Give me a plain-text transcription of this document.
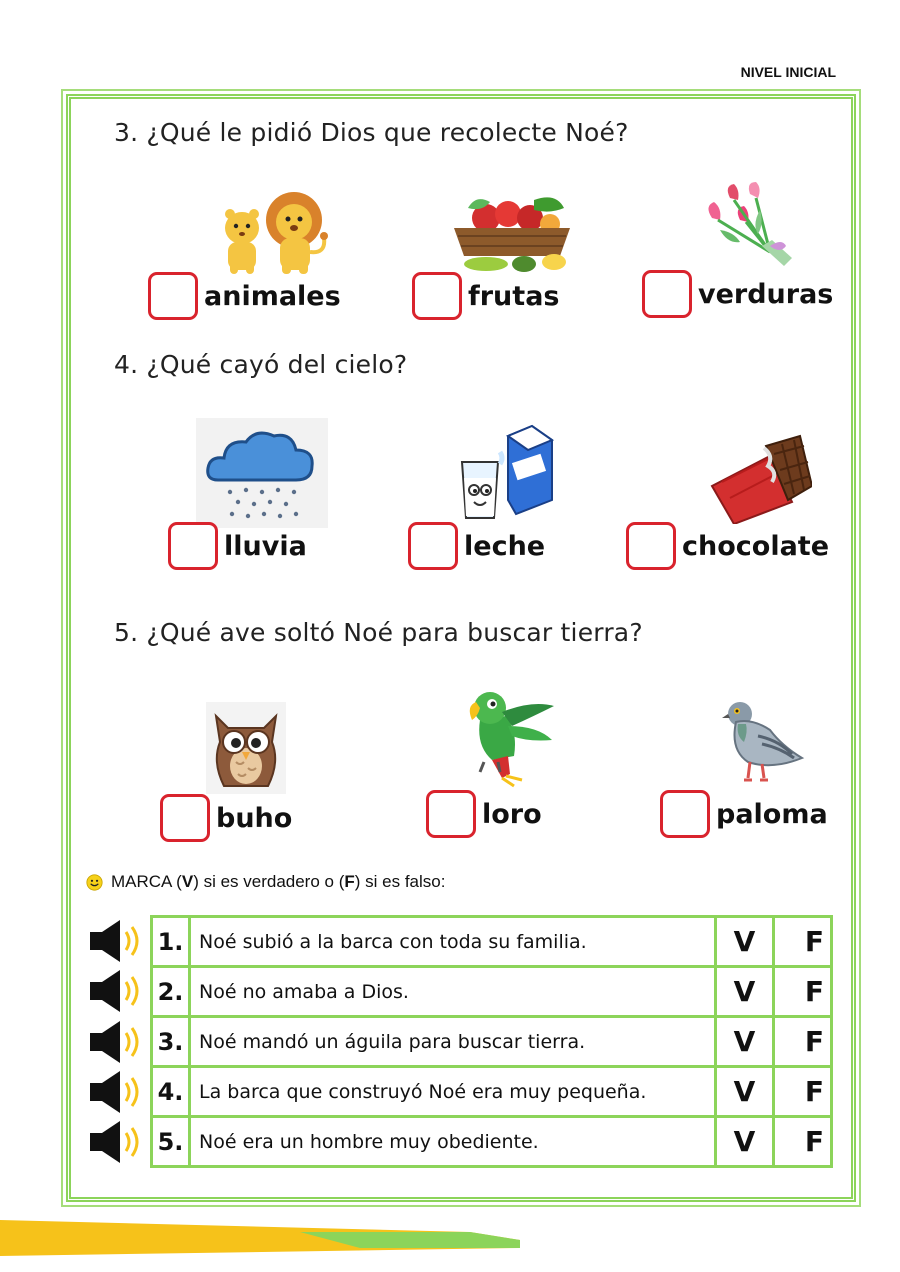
NIVEL INICIAL
3. ¿Qué le pidió Dios que recolecte Noé?
animales	frutas	verduras
4. ¿Qué cayó del cielo?
lluvia	leche	chocolate
5. ¿Qué ave soltó Noé para buscar tierra?
buho	loro	paloma
MARCA ( V ) si es verdadero o ( F ) si es falso:
1.	Noé subió a la barca con toda su familia.	V	F
2.	Noé no amaba a Dios.	V	F
3.	Noé mandó un águila para buscar tierra.	V	F
4.	La barca que construyó Noé era muy pequeña.	V	F
5.	Noé era un hombre muy obediente.	V	F
